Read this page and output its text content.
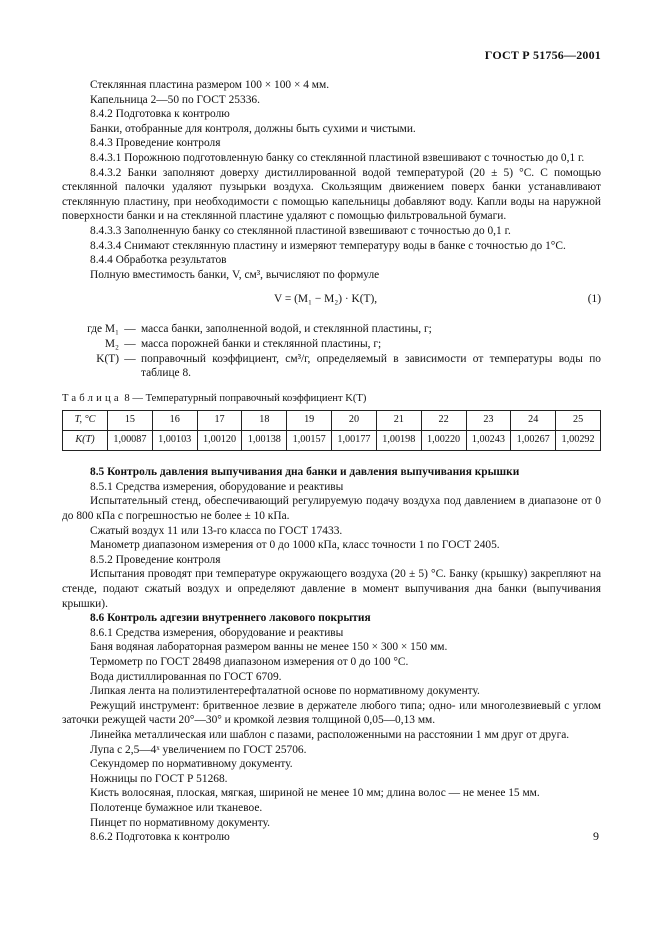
ГОСТ Р 51756—2001

Стеклянная пластина размером 100 × 100 × 4 мм.

Капельница 2—50 по ГОСТ 25336.

8.4.2 Подготовка к контролю

Банки, отобранные для контроля, должны быть сухими и чистыми.

8.4.3 Проведение контроля

8.4.3.1 Порожнюю подготовленную банку со стеклянной пластиной взвешивают с точностью до 0,1 г.

8.4.3.2 Банки заполняют доверху дистиллированной водой температурой (20 ± 5) °С. С помощью стеклянной палочки удаляют пузырьки воздуха. Скользящим движением поверх банки устанавливают стеклянную пластину, при необходимости с помощью капельницы добавляют воду. Капли воды на наружной поверхности банки и на стеклянной пластине удаляют с помощью фильтровальной бумаги.

8.4.3.3 Заполненную банку со стеклянной пластиной взвешивают с точностью до 0,1 г.

8.4.3.4 Снимают стеклянную пластину и измеряют температуру воды в банке с точностью до 1°С.

8.4.4 Обработка результатов

Полную вместимость банки, V, см³, вычисляют по формуле

V = (M₁ − M₂) · K(T),	(1)
где M₁ — масса банки, заполненной водой, и стеклянной пластины, г;
M₂ — масса порожней банки и стеклянной пластины, г;
K(T) — поправочный коэффициент, см³/г, определяемый в зависимости от температуры воды по таблице 8.
Таблица 8 — Температурный поправочный коэффициент K(T)
T, °C	15	16	17	18	19	20	21	22	23	24	25
K(T)	1,00087	1,00103	1,00120	1,00138	1,00157	1,00177	1,00198	1,00220	1,00243	1,00267	1,00292

8.5 Контроль давления выпучивания дна банки и давления выпучивания крышки

8.5.1 Средства измерения, оборудование и реактивы

Испытательный стенд, обеспечивающий регулируемую подачу воздуха под давлением в диапазоне от 0 до 800 кПа с погрешностью не более ± 10 кПа.

Сжатый воздух 11 или 13-го класса по ГОСТ 17433.

Манометр диапазоном измерения от 0 до 1000 кПа, класс точности 1 по ГОСТ 2405.

8.5.2 Проведение контроля

Испытания проводят при температуре окружающего воздуха (20 ± 5) °С. Банку (крышку) закрепляют на стенде, подают сжатый воздух и определяют давление в момент выпучивания дна банки (выпучивания крышки).

8.6 Контроль адгезии внутреннего лакового покрытия

8.6.1 Средства измерения, оборудование и реактивы

Баня водяная лабораторная размером ванны не менее 150 × 300 × 150 мм.

Термометр по ГОСТ 28498 диапазоном измерения от 0 до 100 °С.

Вода дистиллированная по ГОСТ 6709.

Липкая лента на полиэтилентерефталатной основе по нормативному документу.

Режущий инструмент: бритвенное лезвие в держателе любого типа; одно- или многолезвиевый с углом заточки режущей части 20°—30° и кромкой лезвия толщиной 0,05—0,13 мм.

Линейка металлическая или шаблон с пазами, расположенными на расстоянии 1 мм друг от друга.

Лупа с 2,5—4ˣ увеличением по ГОСТ 25706.

Секундомер по нормативному документу.

Ножницы по ГОСТ Р 51268.

Кисть волосяная, плоская, мягкая, шириной не менее 10 мм; длина волос — не менее 15 мм.

Полотенце бумажное или тканевое.

Пинцет по нормативному документу.

8.6.2 Подготовка к контролю	9
